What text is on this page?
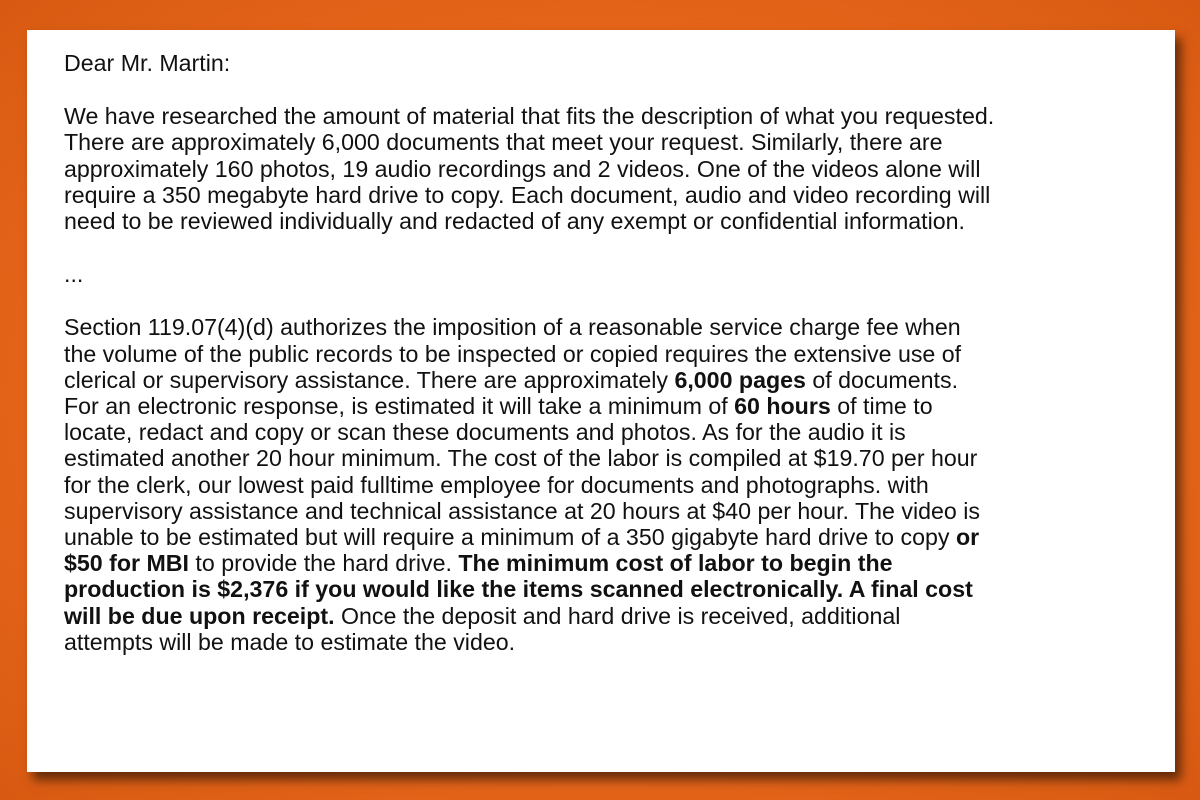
Dear Mr. Martin:

We have researched the amount of material that fits the description of what you requested.
There are approximately 6,000 documents that meet your request. Similarly, there are
approximately 160 photos, 19 audio recordings and 2 videos. One of the videos alone will
require a 350 megabyte hard drive to copy. Each document, audio and video recording will
need to be reviewed individually and redacted of any exempt or confidential information.

...

Section 119.07(4)(d) authorizes the imposition of a reasonable service charge fee when
the volume of the public records to be inspected or copied requires the extensive use of
clerical or supervisory assistance. There are approximately 6,000 pages of documents.
For an electronic response, is estimated it will take a minimum of 60 hours of time to
locate, redact and copy or scan these documents and photos. As for the audio it is
estimated another 20 hour minimum. The cost of the labor is compiled at $19.70 per hour
for the clerk, our lowest paid fulltime employee for documents and photographs. with
supervisory assistance and technical assistance at 20 hours at $40 per hour. The video is
unable to be estimated but will require a minimum of a 350 gigabyte hard drive to copy or
$50 for MBI to provide the hard drive. The minimum cost of labor to begin the
production is $2,376 if you would like the items scanned electronically. A final cost
will be due upon receipt. Once the deposit and hard drive is received, additional
attempts will be made to estimate the video.
